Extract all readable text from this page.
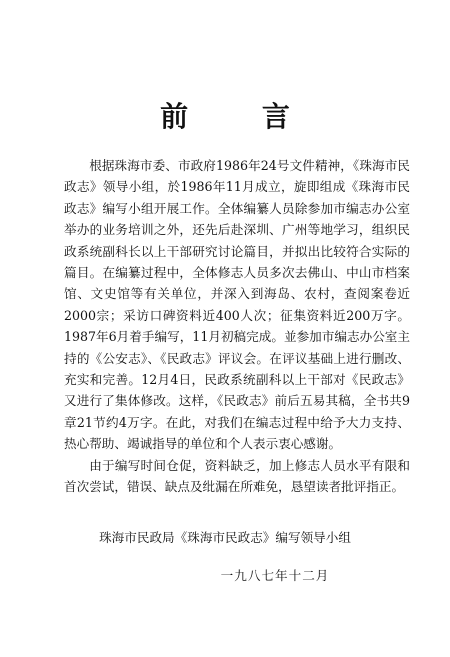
前 言

根据珠海市委、市政府1986年24号文件精神，《珠海市民政志》领导小组，於1986年11月成立，旋即组成《珠海市民政志》编写小组开展工作。全体编纂人员除参加市编志办公室举办的业务培训之外，还先后赴深圳、广州等地学习，组织民政系统副科长以上干部研究讨论篇目，并拟出比较符合实际的篇目。在编纂过程中，全体修志人员多次去佛山、中山市档案馆、文史馆等有关单位，并深入到海岛、农村，查阅案卷近2000宗；采访口碑资料近400人次；征集资料近200万字。1987年6月着手编写，11月初稿完成。並参加市编志办公室主持的《公安志》、《民政志》评议会。在评议基础上进行删改、充实和完善。12月4日，民政系统副科以上干部对《民政志》又进行了集体修改。这样，《民政志》前后五易其稿，全书共9章21节约4万字。在此，对我们在编志过程中给予大力支持、热心帮助、竭诚指导的单位和个人表示衷心感谢。

由于编写时间仓促，资料缺乏，加上修志人员水平有限和首次尝试，错误、缺点及纰漏在所难免，恳望读者批评指正。

珠海市民政局《珠海市民政志》编写领导小组
一九八七年十二月
